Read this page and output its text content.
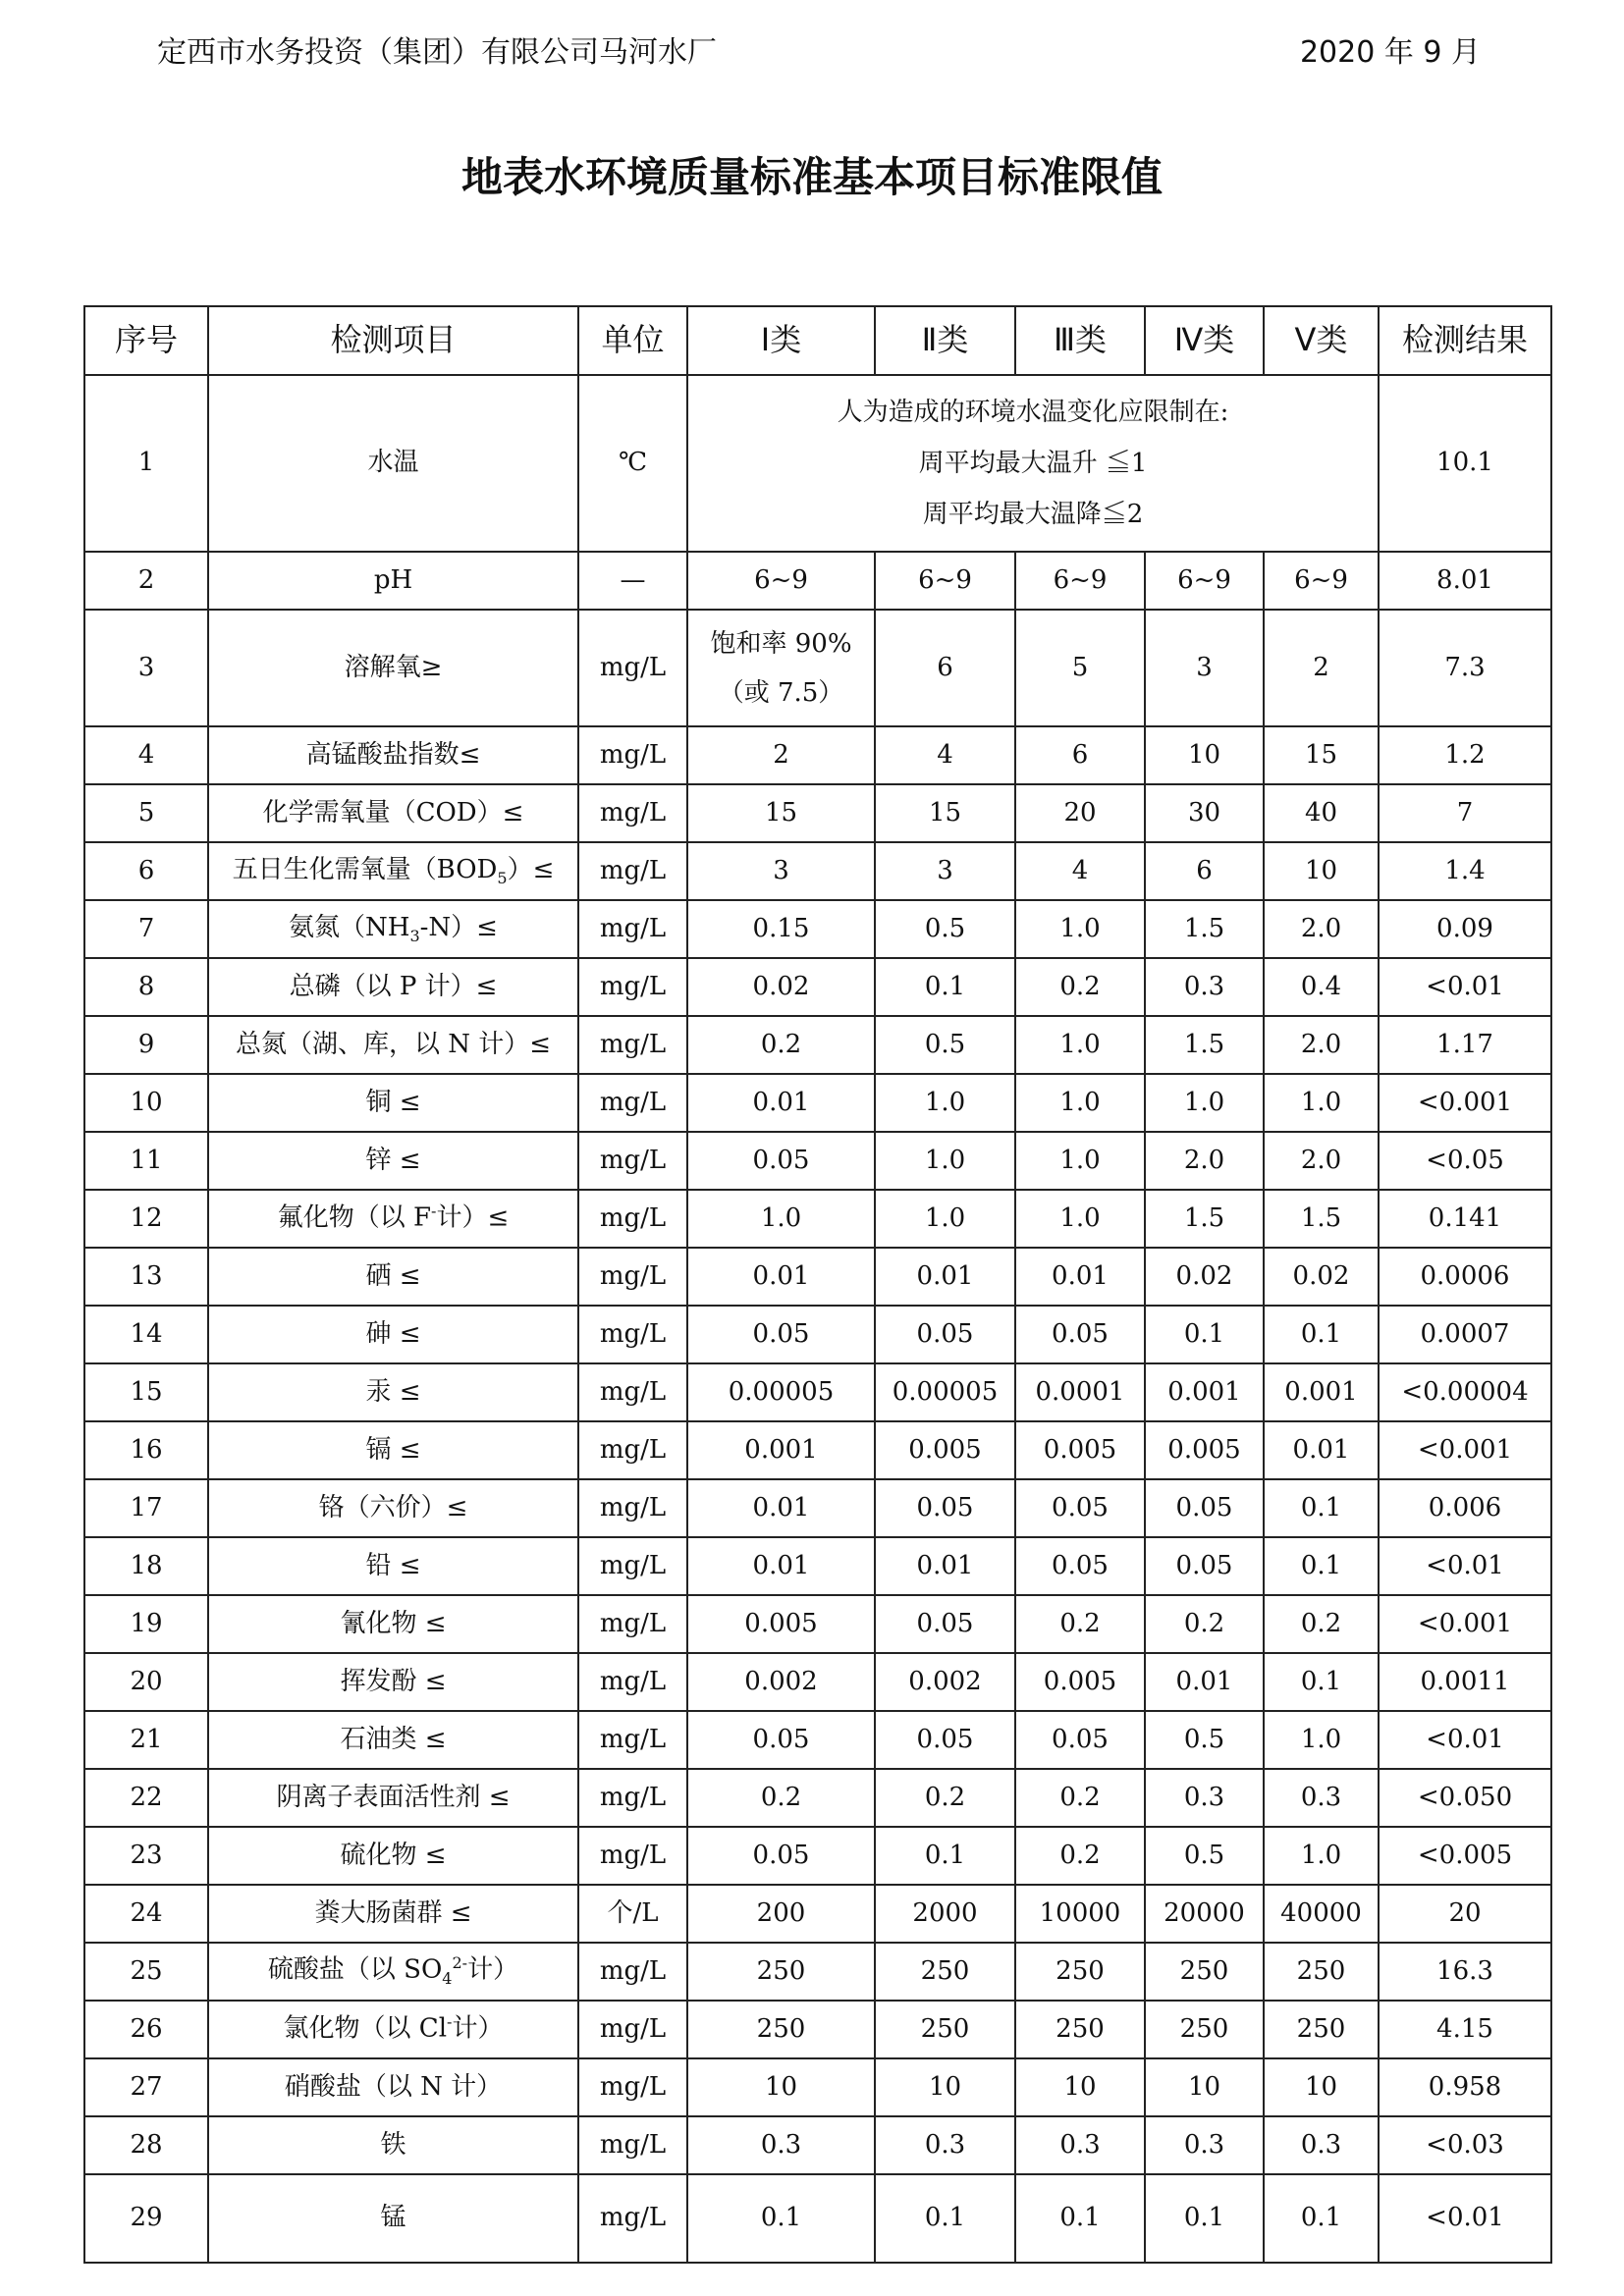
定西市水务投资（集团）有限公司马河水厂	2020 年 9 月
地表水环境质量标准基本项目标准限值
序号	检测项目	单位	Ⅰ类	Ⅱ类	Ⅲ类	Ⅳ类	Ⅴ类	检测结果
1	水温	℃	人为造成的环境水温变化应限制在:
周平均最大温升 ≦1
周平均最大温降≦2					10.1
2	pH	—	6~9	6~9	6~9	6~9	6~9	8.01
3	溶解氧≥	mg/L	饱和率 90%
（或 7.5）	6	5	3	2	7.3
4	高锰酸盐指数≤	mg/L	2	4	6	10	15	1.2
5	化学需氧量（COD）≤	mg/L	15	15	20	30	40	7
6	五日生化需氧量$(BOD_5)\le$	mg/L	3	3	4	6	10	1.4
7	氨氮$(NH_3-N)\le$	mg/L	0.15	0.5	1.0	1.5	2.0	0.09
8	总磷（以 P 计）≤	mg/L	0.02	0.1	0.2	0.3	0.4	<0.01
9	总氮（湖、库，以 N 计）≤	mg/L	0.2	0.5	1.0	1.5	2.0	1.17
10	铜 ≤	mg/L	0.01	1.0	1.0	1.0	1.0	<0.001
11	锌 ≤	mg/L	0.05	1.0	1.0	2.0	2.0	<0.05
12	氟化物（以 F-计）≤	mg/L	1.0	1.0	1.0	1.5	1.5	0.141
13	硒 ≤	mg/L	0.01	0.01	0.01	0.02	0.02	0.0006
14	砷 ≤	mg/L	0.05	0.05	0.05	0.1	0.1	0.0007
15	汞 ≤	mg/L	0.00005	0.00005	0.0001	0.001	0.001	<0.00004
16	镉 ≤	mg/L	0.001	0.005	0.005	0.005	0.01	<0.001
17	铬（六价）≤	mg/L	0.01	0.05	0.05	0.05	0.1	0.006
18	铅 ≤	mg/L	0.01	0.01	0.05	0.05	0.1	<0.01
19	氰化物 ≤	mg/L	0.005	0.05	0.2	0.2	0.2	<0.001
20	挥发酚 ≤	mg/L	0.002	0.002	0.005	0.01	0.1	0.0011
21	石油类 ≤	mg/L	0.05	0.05	0.05	0.5	1.0	<0.01
22	阴离子表面活性剂 ≤	mg/L	0.2	0.2	0.2	0.3	0.3	<0.050
23	硫化物 ≤	mg/L	0.05	0.1	0.2	0.5	1.0	<0.005
24	粪大肠菌群 ≤	个/L	200	2000	10000	20000	40000	20
25	硫酸盐（以 $SO_4^{2-}$计）	mg/L	250	250	250	250	250	16.3
26	氯化物（以 Cl-计）	mg/L	250	250	250	250	250	4.15
27	硝酸盐（以 N 计）	mg/L	10	10	10	10	10	0.958
28	铁	mg/L	0.3	0.3	0.3	0.3	0.3	<0.03
29	锰	mg/L	0.1	0.1	0.1	0.1	0.1	<0.01
